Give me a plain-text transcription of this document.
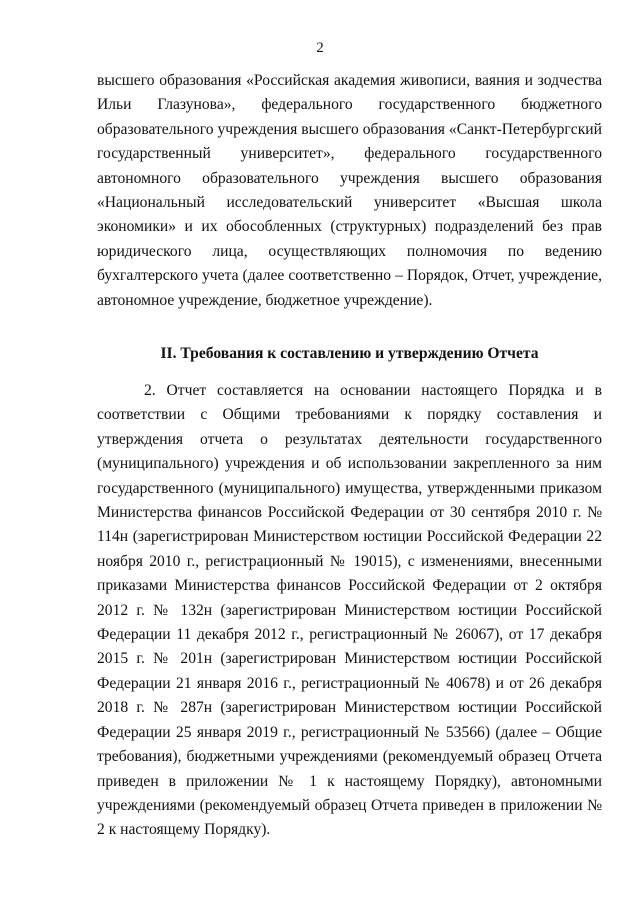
2

высшего образования «Российская академия живописи, ваяния и зодчества Ильи Глазунова», федерального государственного бюджетного образовательного учреждения высшего образования «Санкт-Петербургский государственный университет», федерального государственного автономного образовательного учреждения высшего образования «Национальный исследовательский университет «Высшая школа экономики» и их обособленных (структурных) подразделений без прав юридического лица, осуществляющих полномочия по ведению бухгалтерского учета (далее соответственно – Порядок, Отчет, учреждение, автономное учреждение, бюджетное учреждение).

II. Требования к составлению и утверждению Отчета

2. Отчет составляется на основании настоящего Порядка и в соответствии с Общими требованиями к порядку составления и утверждения отчета о результатах деятельности государственного (муниципального) учреждения и об использовании закрепленного за ним государственного (муниципального) имущества, утвержденными приказом Министерства финансов Российской Федерации от 30 сентября 2010 г. № 114н (зарегистрирован Министерством юстиции Российской Федерации 22 ноября 2010 г., регистрационный № 19015), с изменениями, внесенными приказами Министерства финансов Российской Федерации от 2 октября 2012 г. № 132н (зарегистрирован Министерством юстиции Российской Федерации 11 декабря 2012 г., регистрационный № 26067), от 17 декабря 2015 г. № 201н (зарегистрирован Министерством юстиции Российской Федерации 21 января 2016 г., регистрационный № 40678) и от 26 декабря 2018 г. № 287н (зарегистрирован Министерством юстиции Российской Федерации 25 января 2019 г., регистрационный № 53566) (далее – Общие требования), бюджетными учреждениями (рекомендуемый образец Отчета приведен в приложении № 1 к настоящему Порядку), автономными учреждениями (рекомендуемый образец Отчета приведен в приложении № 2 к настоящему Порядку).
